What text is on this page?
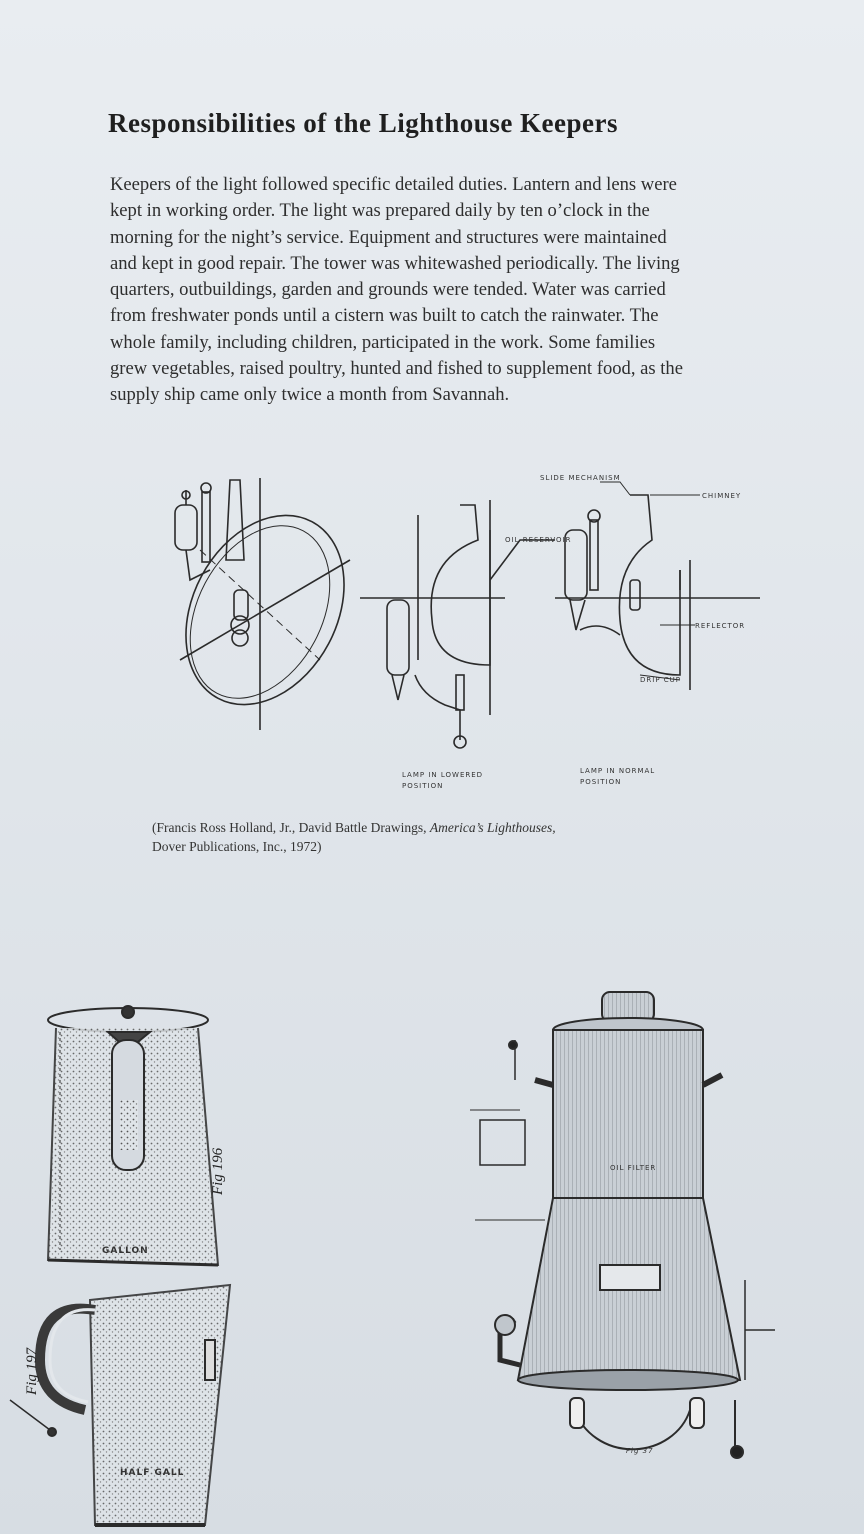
Responsibilities of the Lighthouse Keepers

Keepers of the light followed specific detailed duties. Lantern and lens were
kept in working order. The light was prepared daily by ten o’clock in the
morning for the night’s service. Equipment and structures were maintained
and kept in good repair. The tower was whitewashed periodically. The living
quarters, outbuildings, garden and grounds were tended. Water was carried
from freshwater ponds until a cistern was built to catch the rainwater. The
whole family, including children, participated in the work. Some families
grew vegetables, raised poultry, hunted and fished to supplement food, as the
supply ship came only twice a month from Savannah.

SLIDE MECHANISM
CHIMNEY
OIL RESERVOIR
REFLECTOR
DRIP CUP
LAMP IN LOWERED
POSITION
LAMP IN NORMAL
POSITION
(Francis Ross Holland, Jr., David Battle Drawings, America’s Lighthouses,
Dover Publications, Inc., 1972)
Fig 196
GALLON
Fig 197
HALF GALL
OIL FILTER
Fig 37
